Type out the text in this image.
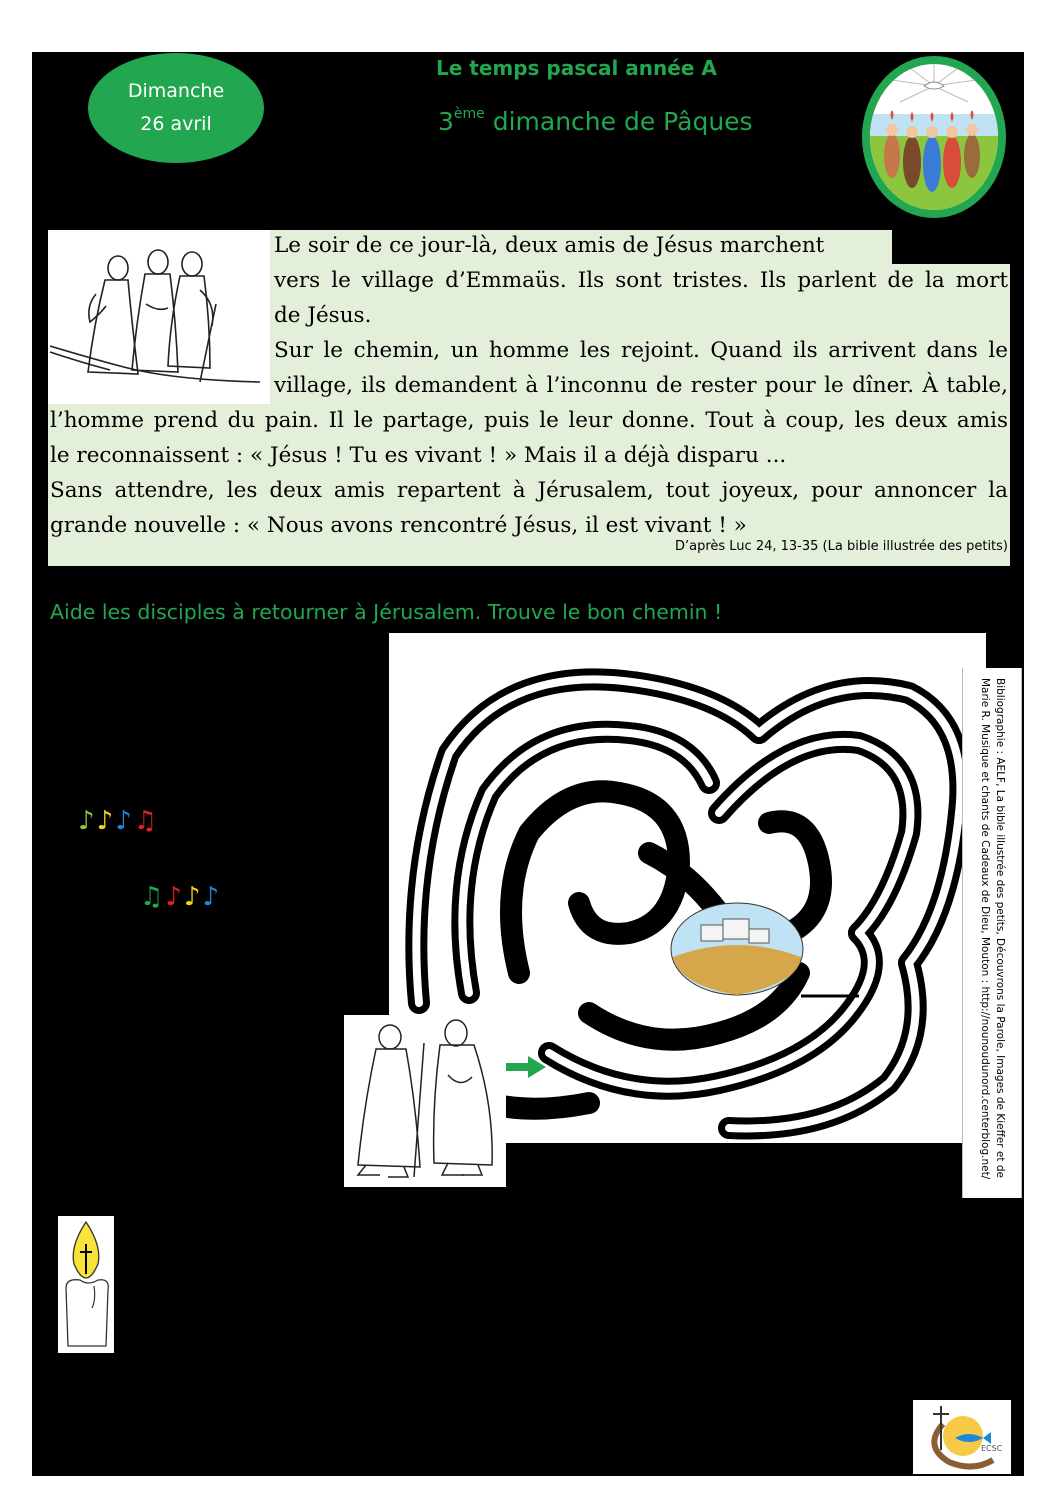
Dimanche
26 avril
Le temps pascal année A
3ème dimanche de Pâques
Le soir de ce jour-là, deux amis de Jésus marchent
vers le village d’Emmaüs. Ils sont tristes. Ils parlent de la mort
de Jésus.
Sur le chemin, un homme les rejoint. Quand ils arrivent dans le
village, ils demandent à l’inconnu de rester pour le dîner. À table,
l’homme prend du pain. Il le partage, puis le leur donne. Tout à coup, les deux amis
le reconnaissent : « Jésus ! Tu es vivant ! » Mais il a déjà disparu ...
Sans attendre, les deux amis repartent à Jérusalem, tout joyeux, pour annoncer la
grande nouvelle : « Nous avons rencontré Jésus, il est vivant ! »
D’après Luc 24, 13-35 (La bible illustrée des petits)
Aide les disciples à retourner à Jérusalem. Trouve le bon chemin !
Bibliographie : AELF, La bible illustrée des petits, Découvrons la Parole, Images de Kieffer et de Marie R. Musique et chants de Cadeaux de Dieu, Mouton : http://nounoudunord.centerblog.net/
♪♪♪♫
♫♪♪♪
ECSC
